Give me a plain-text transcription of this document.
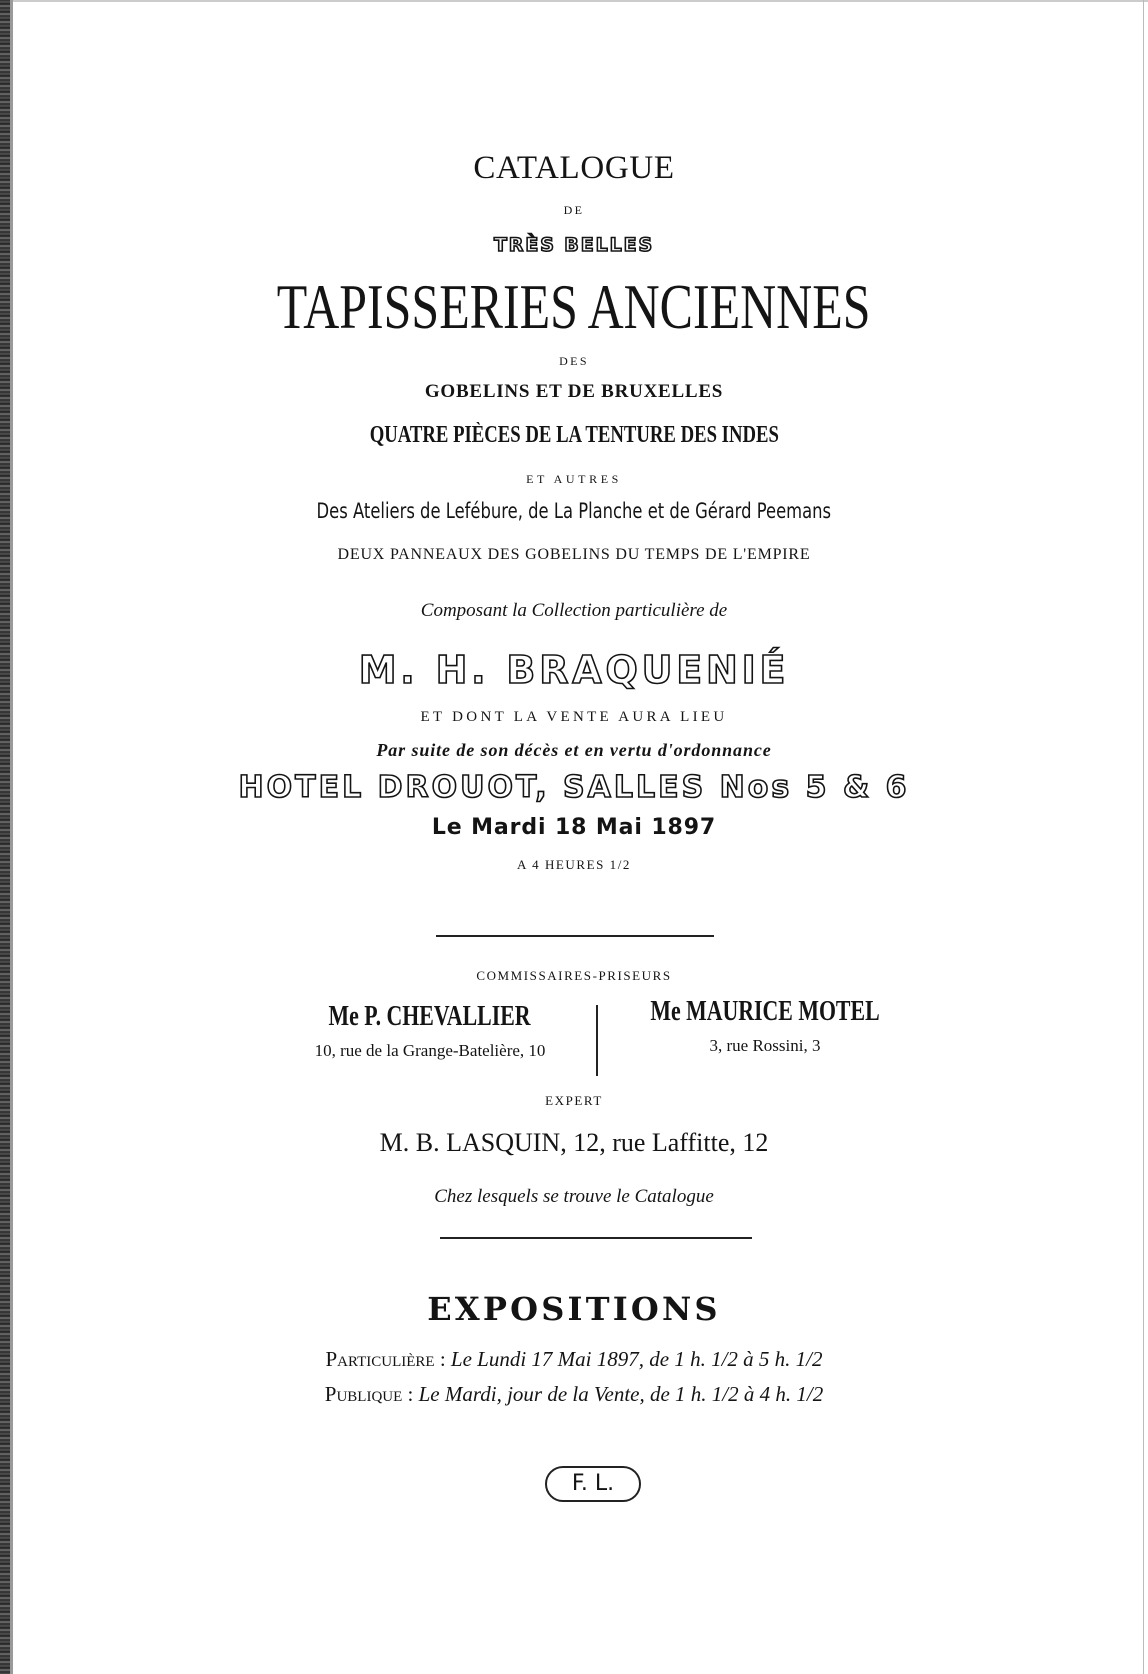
CATALOGUE
DE
TRÈS BELLES
TAPISSERIES ANCIENNES
DES
GOBELINS ET DE BRUXELLES
QUATRE PIÈCES DE LA TENTURE DES INDES
ET AUTRES
Des Ateliers de Lefébure, de La Planche et de Gérard Peemans
DEUX PANNEAUX DES GOBELINS DU TEMPS DE L'EMPIRE
Composant la Collection particulière de
M. H. BRAQUENIÉ
ET DONT LA VENTE AURA LIEU
Par suite de son décès et en vertu d'ordonnance
HOTEL DROUOT, SALLES Nos 5 & 6
Le Mardi 18 Mai 1897
A 4 HEURES 1/2
COMMISSAIRES-PRISEURS
Me P. CHEVALLIER
10, rue de la Grange-Batelière, 10
Me MAURICE MOTEL
3, rue Rossini, 3
EXPERT
M. B. LASQUIN, 12, rue Laffitte, 12
Chez lesquels se trouve le Catalogue
EXPOSITIONS
Particulière : Le Lundi 17 Mai 1897, de 1 h. 1/2 à 5 h. 1/2
Publique : Le Mardi, jour de la Vente, de 1 h. 1/2 à 4 h. 1/2
F. L.
